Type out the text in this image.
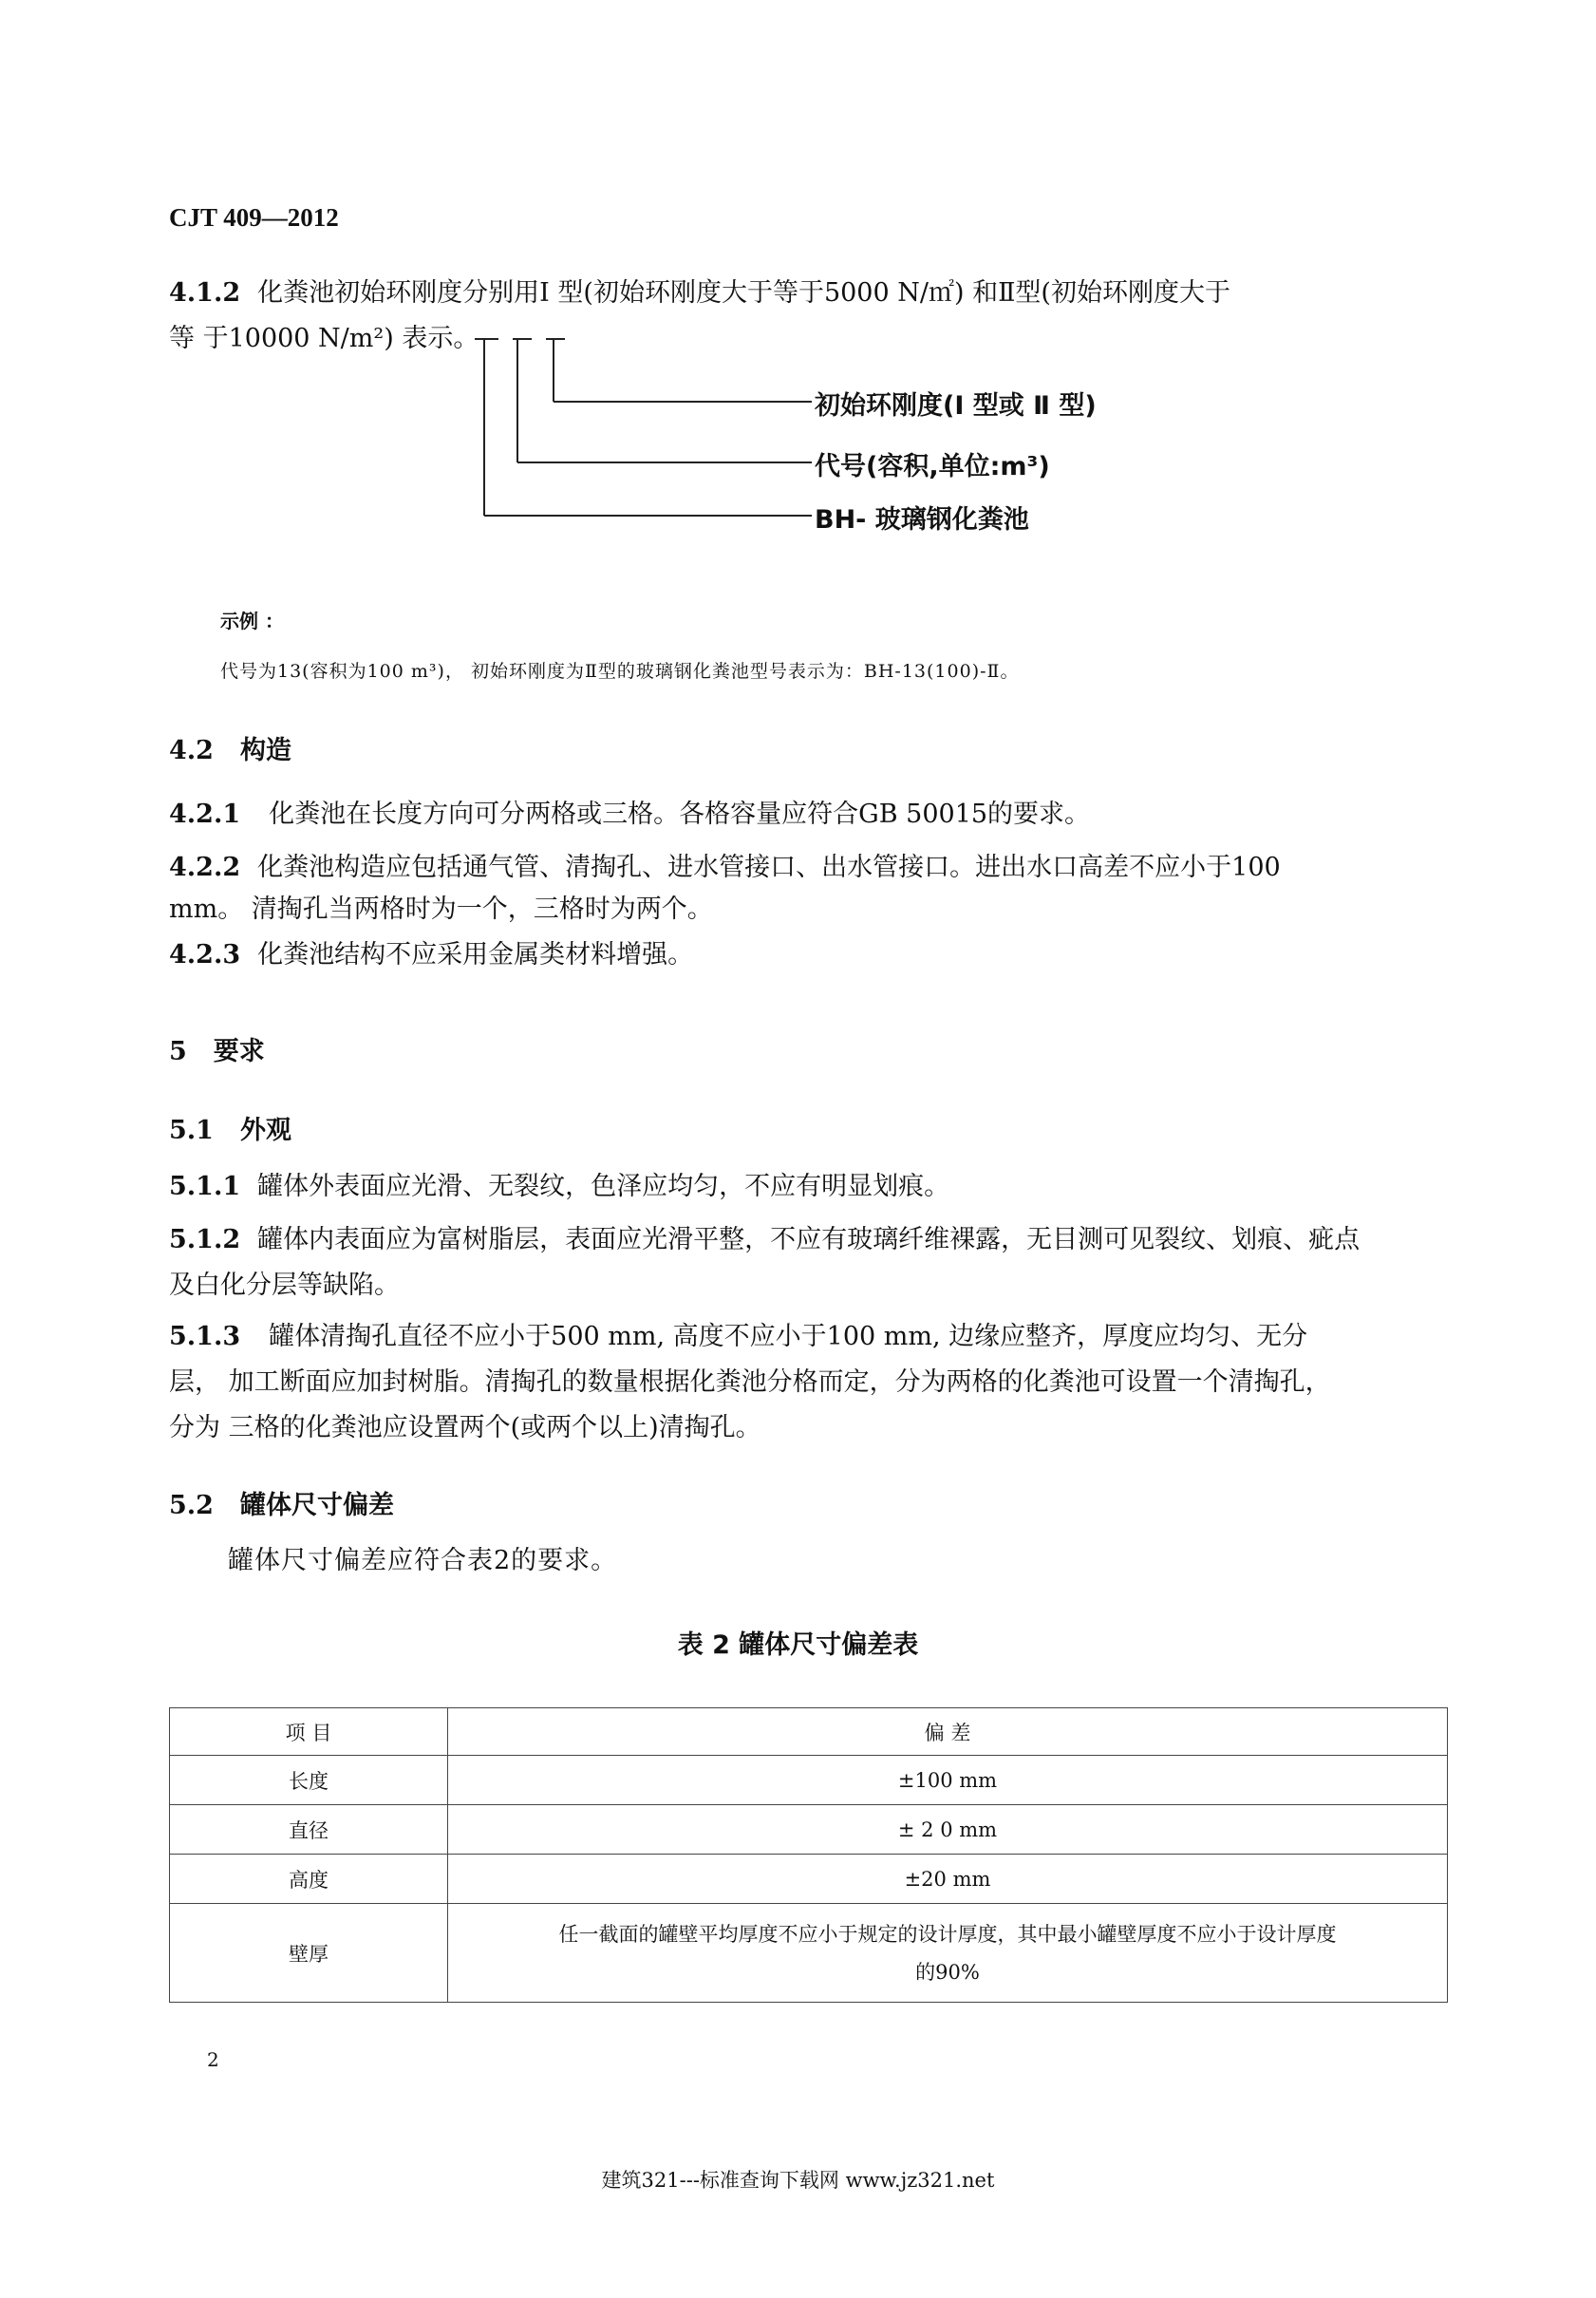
CJT 409—2012
4.1.2 化粪池初始环刚度分别用Ⅰ 型(初始环刚度大于等于5000 N/㎡) 和Ⅱ型(初始环刚度大于
等 于10000 N/m²) 表示。
初始环刚度(Ⅰ 型或 Ⅱ 型)
代号(容积,单位:m³)
BH- 玻璃钢化粪池
示例 ：
代号为13(容积为100 m³)， 初始环刚度为Ⅱ型的玻璃钢化粪池型号表示为：BH-13(100)-Ⅱ。
4.2 构造
4.2.1 化粪池在长度方向可分两格或三格。各格容量应符合GB 50015的要求。
4.2.2 化粪池构造应包括通气管、清掏孔、进水管接口、出水管接口。进出水口高差不应小于100
mm。 清掏孔当两格时为一个，三格时为两个。
4.2.3 化粪池结构不应采用金属类材料增强。
5 要求
5.1 外观
5.1.1 罐体外表面应光滑、无裂纹，色泽应均匀，不应有明显划痕。
5.1.2 罐体内表面应为富树脂层，表面应光滑平整，不应有玻璃纤维裸露，无目测可见裂纹、划痕、疵点
及白化分层等缺陷。
5.1.3 罐体清掏孔直径不应小于500 mm, 高度不应小于100 mm, 边缘应整齐，厚度应均匀、无分
层， 加工断面应加封树脂。清掏孔的数量根据化粪池分格而定，分为两格的化粪池可设置一个清掏孔，
分为 三格的化粪池应设置两个(或两个以上)清掏孔。
5.2 罐体尺寸偏差
罐体尺寸偏差应符合表2的要求。
表 2 罐体尺寸偏差表
项 目	偏 差
长度	±100 mm
直径	± 2 0 mm
高度	±20 mm
壁厚	任一截面的罐壁平均厚度不应小于规定的设计厚度，其中最小罐壁厚度不应小于设计厚度
的90%
2
建筑321---标准查询下载网 www.jz321.net
